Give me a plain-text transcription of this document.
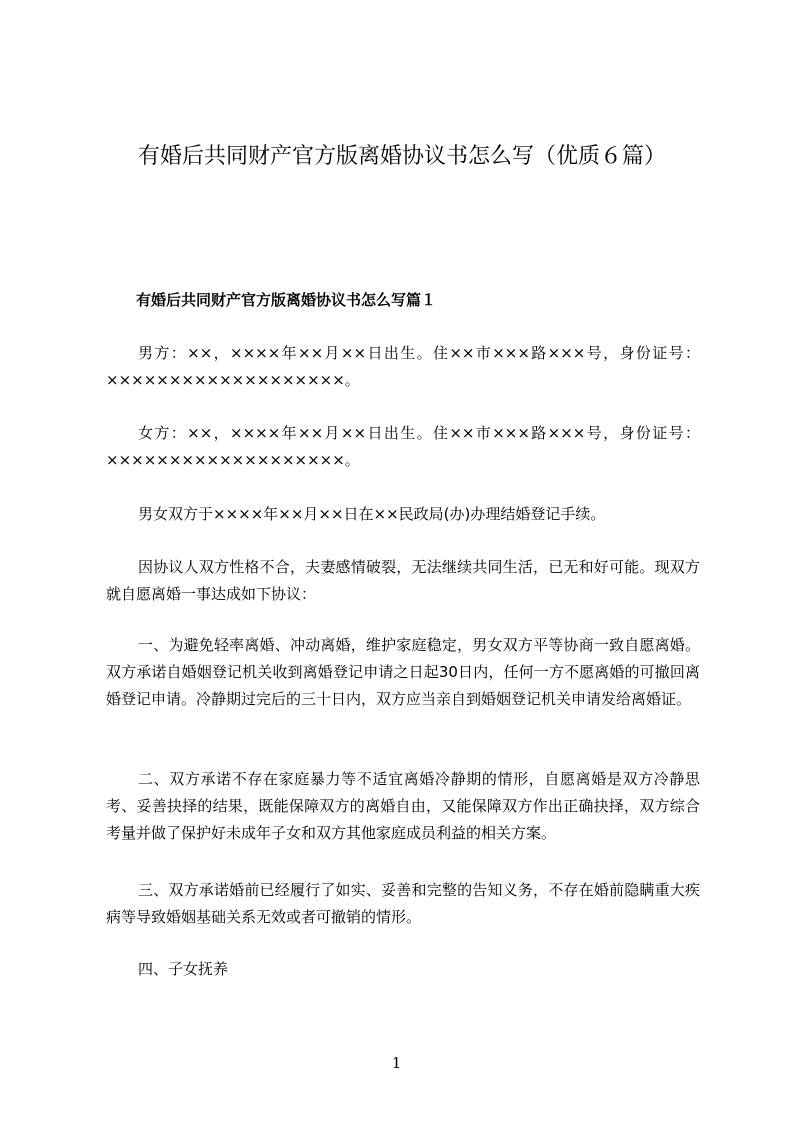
有婚后共同财产官方版离婚协议书怎么写（优质６篇）
有婚后共同财产官方版离婚协议书怎么写篇１
男方：××，××××年××月××日出生。住××市×××路×××号，身份证号：×××××××××××××××××××。
女方：××，××××年××月××日出生。住××市×××路×××号，身份证号：×××××××××××××××××××。
男女双方于××××年××月××日在××民政局(办)办理结婚登记手续。
因协议人双方性格不合，夫妻感情破裂，无法继续共同生活，已无和好可能。现双方就自愿离婚一事达成如下协议：
一、为避免轻率离婚、冲动离婚，维护家庭稳定，男女双方平等协商一致自愿离婚。双方承诺自婚姻登记机关收到离婚登记申请之日起30日内，任何一方不愿离婚的可撤回离婚登记申请。冷静期过完后的三十日内，双方应当亲自到婚姻登记机关申请发给离婚证。
二、双方承诺不存在家庭暴力等不适宜离婚冷静期的情形，自愿离婚是双方冷静思考、妥善抉择的结果，既能保障双方的离婚自由，又能保障双方作出正确抉择，双方综合考量并做了保护好未成年子女和双方其他家庭成员利益的相关方案。
三、双方承诺婚前已经履行了如实、妥善和完整的告知义务，不存在婚前隐瞒重大疾病等导致婚姻基础关系无效或者可撤销的情形。
四、子女抚养
1
